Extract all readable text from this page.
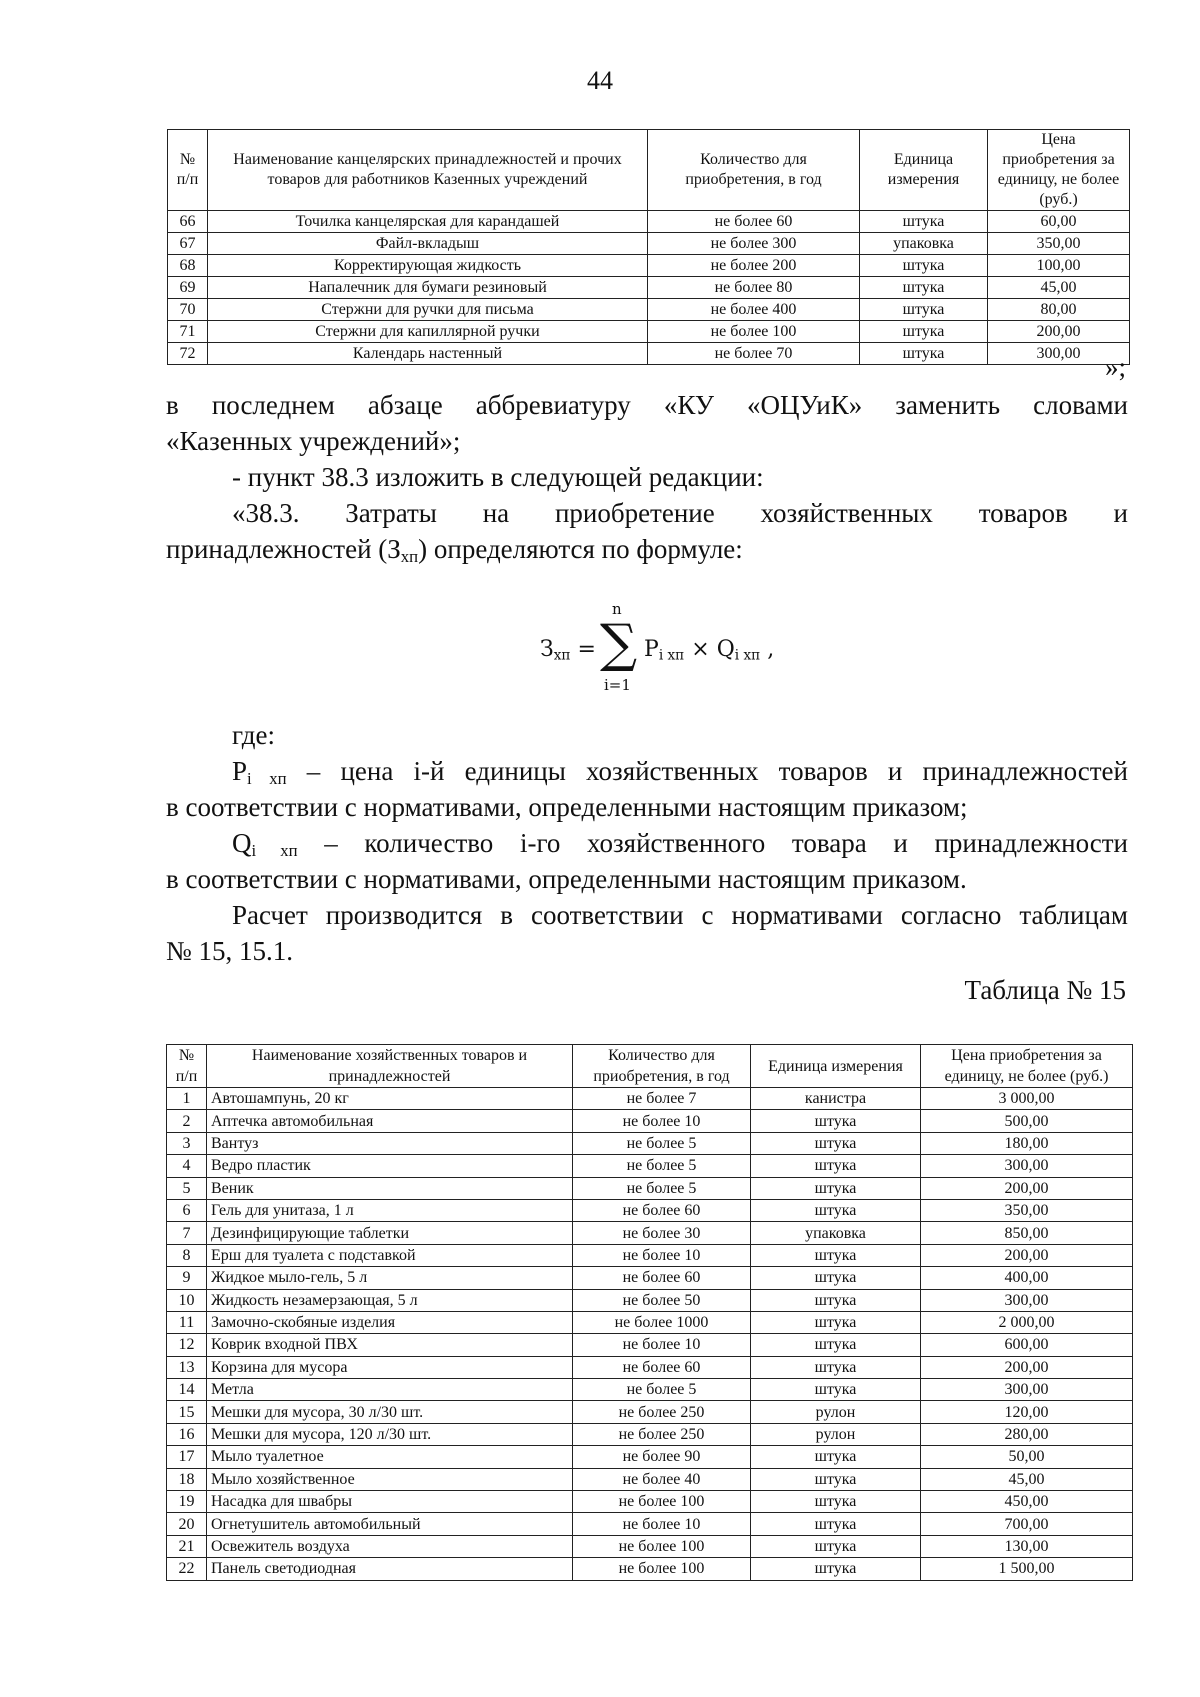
44
№ п/п	Наименование канцелярских принадлежностей и прочих товаров для работников Казенных учреждений	Количество для приобретения, в год	Единица измерения	Цена приобретения за единицу, не более (руб.)
66	Точилка канцелярская для карандашей	не более 60	штука	60,00
67	Файл-вкладыш	не более 300	упаковка	350,00
68	Корректирующая жидкость	не более 200	штука	100,00
69	Напалечник для бумаги резиновый	не более 80	штука	45,00
70	Стержни для ручки для письма	не более 400	штука	80,00
71	Стержни для капиллярной ручки	не более 100	штука	200,00
72	Календарь настенный	не более 70	штука	300,00 »;
в последнем абзаце аббревиатуру «КУ «ОЦУиК» заменить словами
«Казенных учреждений»;
- пункт 38.3 изложить в следующей редакции:
«38.3. Затраты на приобретение хозяйственных товаров и
принадлежностей $(З_{хп})$ определяются по формуле:
$З_{хп}$ =
n
∑
i=1
$P_{i хп} \times Q_{i хп}$ ,
где:
$P_{i хп}$ – цена i-й единицы хозяйственных товаров и принадлежностей
в соответствии с нормативами, определенными настоящим приказом;
$Q_{i хп}$ – количество i-го хозяйственного товара и принадлежности
в соответствии с нормативами, определенными настоящим приказом.
Расчет производится в соответствии с нормативами согласно таблицам
№ 15, 15.1.
Таблица № 15
№ п/п	Наименование хозяйственных товаров и принадлежностей	Количество для приобретения, в год	Единица измерения	Цена приобретения за единицу, не более (руб.)
1	Автошампунь, 20 кг	не более 7	канистра	3 000,00
2	Аптечка автомобильная	не более 10	штука	500,00
3	Вантуз	не более 5	штука	180,00
4	Ведро пластик	не более 5	штука	300,00
5	Веник	не более 5	штука	200,00
6	Гель для унитаза, 1 л	не более 60	штука	350,00
7	Дезинфицирующие таблетки	не более 30	упаковка	850,00
8	Ерш для туалета с подставкой	не более 10	штука	200,00
9	Жидкое мыло-гель, 5 л	не более 60	штука	400,00
10	Жидкость незамерзающая, 5 л	не более 50	штука	300,00
11	Замочно-скобяные изделия	не более 1000	штука	2 000,00
12	Коврик входной ПВХ	не более 10	штука	600,00
13	Корзина для мусора	не более 60	штука	200,00
14	Метла	не более 5	штука	300,00
15	Мешки для мусора, 30 л/30 шт.	не более 250	рулон	120,00
16	Мешки для мусора, 120 л/30 шт.	не более 250	рулон	280,00
17	Мыло туалетное	не более 90	штука	50,00
18	Мыло хозяйственное	не более 40	штука	45,00
19	Насадка для швабры	не более 100	штука	450,00
20	Огнетушитель автомобильный	не более 10	штука	700,00
21	Освежитель воздуха	не более 100	штука	130,00
22	Панель светодиодная	не более 100	штука	1 500,00
